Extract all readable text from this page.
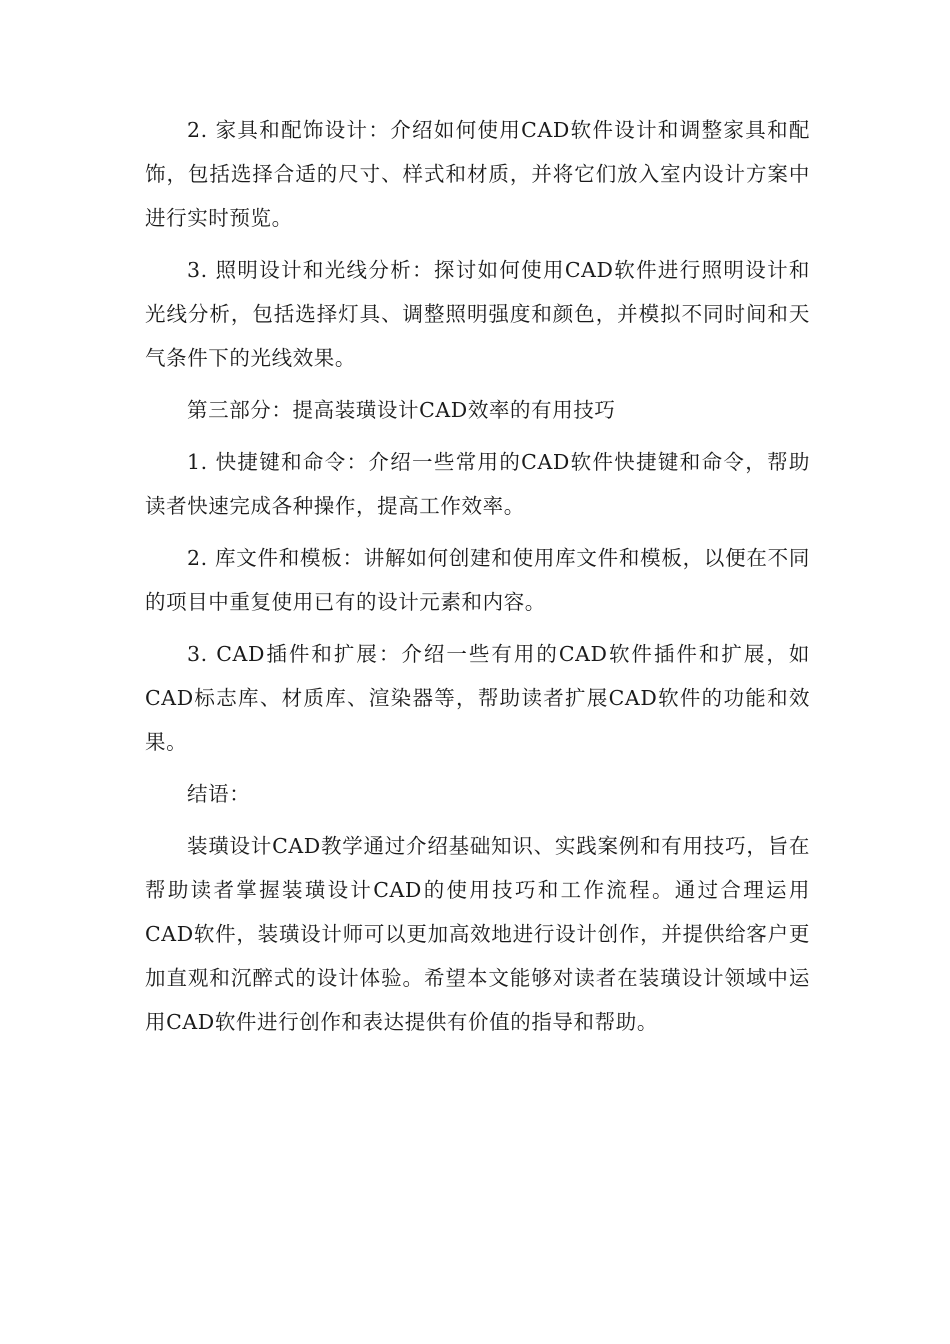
2. 家具和配饰设计：介绍如何使用CAD软件设计和调整家具和配饰，包括选择合适的尺寸、样式和材质，并将它们放入室内设计方案中进行实时预览。

3. 照明设计和光线分析：探讨如何使用CAD软件进行照明设计和光线分析，包括选择灯具、调整照明强度和颜色，并模拟不同时间和天气条件下的光线效果。

第三部分：提高装璜设计CAD效率的有用技巧

1. 快捷键和命令：介绍一些常用的CAD软件快捷键和命令，帮助读者快速完成各种操作，提高工作效率。

2. 库文件和模板：讲解如何创建和使用库文件和模板，以便在不同的项目中重复使用已有的设计元素和内容。

3. CAD插件和扩展：介绍一些有用的CAD软件插件和扩展，如CAD标志库、材质库、渲染器等，帮助读者扩展CAD软件的功能和效果。

结语：

装璜设计CAD教学通过介绍基础知识、实践案例和有用技巧，旨在帮助读者掌握装璜设计CAD的使用技巧和工作流程。通过合理运用CAD软件，装璜设计师可以更加高效地进行设计创作，并提供给客户更加直观和沉醉式的设计体验。希望本文能够对读者在装璜设计领域中运用CAD软件进行创作和表达提供有价值的指导和帮助。
